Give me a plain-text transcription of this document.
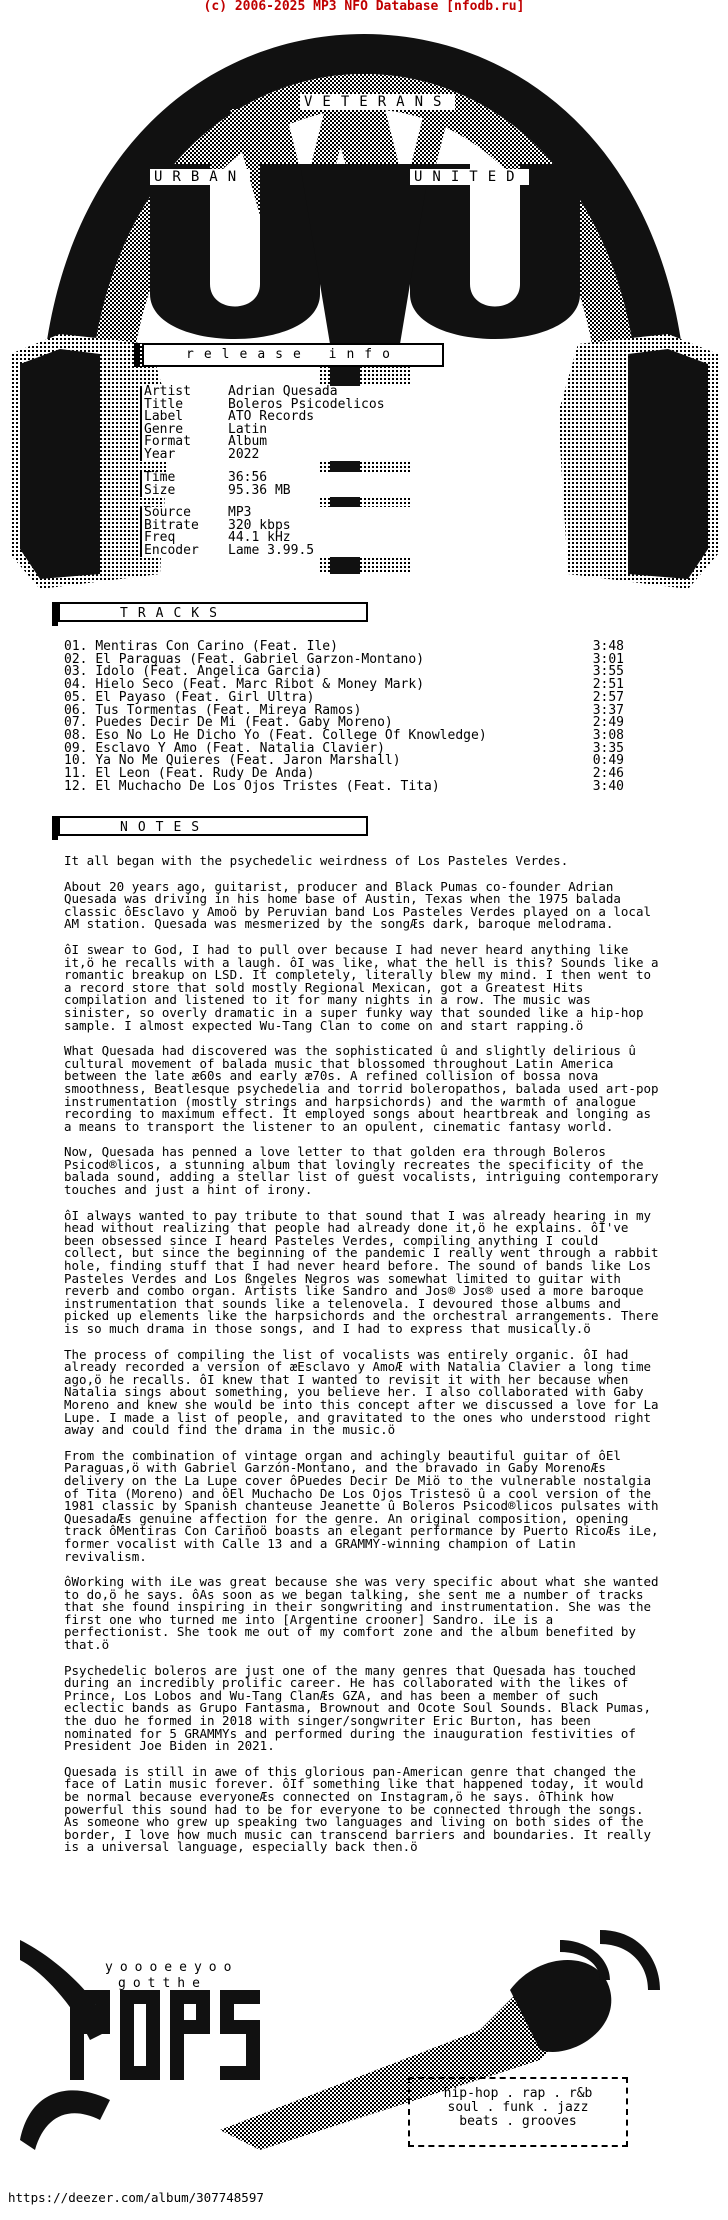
(c) 2006-2025 MP3 NFO Database [nfodb.ru]
VETERANS
URBAN	UNITED
release info
Artist	Adrian Quesada
Title	Boleros Psicodelicos
Label	ATO Records
Genre	Latin
Format	Album
Year	2022
Time	36:56
Size	95.36 MB
Source	MP3
Bitrate	320 kbps
Freq	44.1 kHz
Encoder	Lame 3.99.5
TRACKS
01. Mentiras Con Carino (Feat. Ile)	3:48
02. El Paraguas (Feat. Gabriel Garzon-Montano)	3:01
03. Idolo (Feat. Angelica Garcia)	3:55
04. Hielo Seco (Feat. Marc Ribot & Money Mark)	2:51
05. El Payaso (Feat. Girl Ultra)	2:57
06. Tus Tormentas (Feat. Mireya Ramos)	3:37
07. Puedes Decir De Mi (Feat. Gaby Moreno)	2:49
08. Eso No Lo He Dicho Yo (Feat. College Of Knowledge)	3:08
09. Esclavo Y Amo (Feat. Natalia Clavier)	3:35
10. Ya No Me Quieres (Feat. Jaron Marshall)	0:49
11. El Leon (Feat. Rudy De Anda)	2:46
12. El Muchacho De Los Ojos Tristes (Feat. Tita)	3:40
NOTES

It all began with the psychedelic weirdness of Los Pasteles Verdes.

About 20 years ago, guitarist, producer and Black Pumas co-founder Adrian Quesada was driving in his home base of Austin, Texas when the 1975 balada classic ôEsclavo y Amoö by Peruvian band Los Pasteles Verdes played on a local AM station. Quesada was mesmerized by the songÆs dark, baroque melodrama.

ôI swear to God, I had to pull over because I had never heard anything like it,ö he recalls with a laugh. ôI was like, what the hell is this? Sounds like a romantic breakup on LSD. It completely, literally blew my mind. I then went to a record store that sold mostly Regional Mexican, got a Greatest Hits compilation and listened to it for many nights in a row. The music was sinister, so overly dramatic in a super funky way that sounded like a hip-hop sample. I almost expected Wu-Tang Clan to come on and start rapping.ö

What Quesada had discovered was the sophisticated û and slightly delirious û cultural movement of balada music that blossomed throughout Latin America between the late æ60s and early æ70s. A refined collision of bossa nova smoothness, Beatlesque psychedelia and torrid boleropathos, balada used art-pop instrumentation (mostly strings and harpsichords) and the warmth of analogue recording to maximum effect. It employed songs about heartbreak and longing as a means to transport the listener to an opulent, cinematic fantasy world.

Now, Quesada has penned a love letter to that golden era through Boleros Psicod®licos, a stunning album that lovingly recreates the specificity of the balada sound, adding a stellar list of guest vocalists, intriguing contemporary touches and just a hint of irony.

ôI always wanted to pay tribute to that sound that I was already hearing in my head without realizing that people had already done it,ö he explains. ôI've been obsessed since I heard Pasteles Verdes, compiling anything I could collect, but since the beginning of the pandemic I really went through a rabbit hole, finding stuff that I had never heard before. The sound of bands like Los Pasteles Verdes and Los ßngeles Negros was somewhat limited to guitar with reverb and combo organ. Artists like Sandro and Jos® Jos® used a more baroque instrumentation that sounds like a telenovela. I devoured those albums and picked up elements like the harpsichords and the orchestral arrangements. There is so much drama in those songs, and I had to express that musically.ö

The process of compiling the list of vocalists was entirely organic. ôI had already recorded a version of æEsclavo y AmoÆ with Natalia Clavier a long time ago,ö he recalls. ôI knew that I wanted to revisit it with her because when Natalia sings about something, you believe her. I also collaborated with Gaby Moreno and knew she would be into this concept after we discussed a love for La Lupe. I made a list of people, and gravitated to the ones who understood right away and could find the drama in the music.ö

From the combination of vintage organ and achingly beautiful guitar of ôEl Paraguas,ö with Gabriel Garzón-Montano, and the bravado in Gaby MorenoÆs delivery on the La Lupe cover ôPuedes Decir De Miö to the vulnerable nostalgia of Tita (Moreno) and ôEl Muchacho De Los Ojos Tristesö û a cool version of the 1981 classic by Spanish chanteuse Jeanette û Boleros Psicod®licos pulsates with QuesadaÆs genuine affection for the genre. An original composition, opening track ôMentiras Con Cariñoö boasts an elegant performance by Puerto RicoÆs iLe, former vocalist with Calle 13 and a GRAMMY-winning champion of Latin revivalism.

ôWorking with iLe was great because she was very specific about what she wanted to do,ö he says. ôAs soon as we began talking, she sent me a number of tracks that she found inspiring in their songwriting and instrumentation. She was the first one who turned me into [Argentine crooner] Sandro. iLe is a perfectionist. She took me out of my comfort zone and the album benefited by that.ö

Psychedelic boleros are just one of the many genres that Quesada has touched during an incredibly prolific career. He has collaborated with the likes of Prince, Los Lobos and Wu-Tang ClanÆs GZA, and has been a member of such eclectic bands as Grupo Fantasma, Brownout and Ocote Soul Sounds. Black Pumas, the duo he formed in 2018 with singer/songwriter Eric Burton, has been nominated for 5 GRAMMYs and performed during the inauguration festivities of President Joe Biden in 2021.

Quesada is still in awe of this glorious pan-American genre that changed the face of Latin music forever. ôIf something like that happened today, it would be normal because everyoneÆs connected on Instagram,ö he says. ôThink how powerful this sound had to be for everyone to be connected through the songs. As someone who grew up speaking two languages and living on both sides of the border, I love how much music can transcend barriers and boundaries. It really is a universal language, especially back then.ö

yoooeeyoo
gotthe
hip-hop . rap . r&b
soul . funk . jazz
beats . grooves
https://deezer.com/album/307748597
